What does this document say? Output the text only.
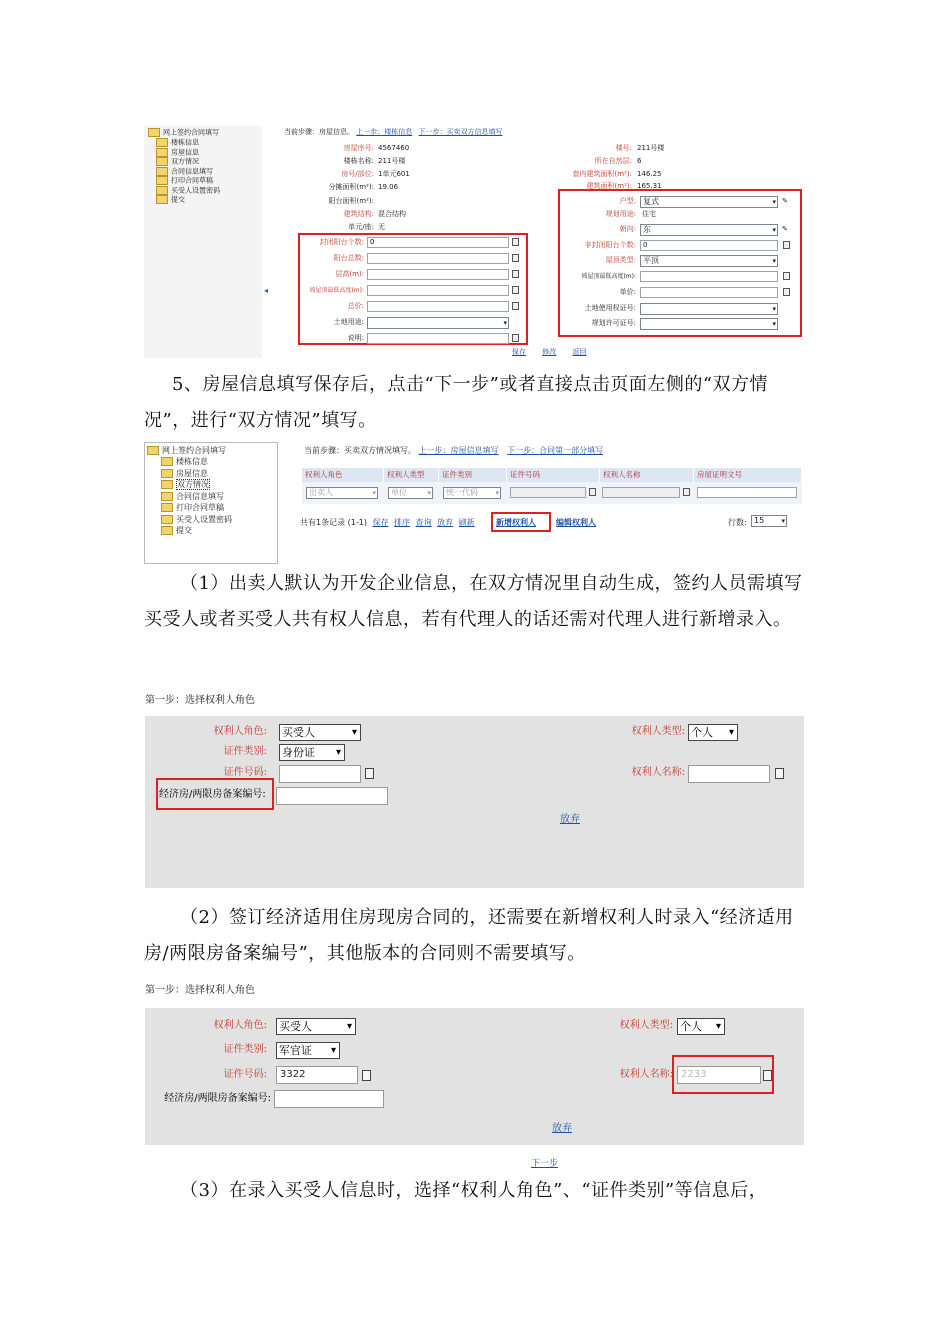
网上签约合同填写
楼栋信息
房屋信息
双方情况
合同信息填写
打印合同草稿
买受人设置密码
提交
◂
当前步骤：房屋信息。 上一步：楼栋信息 下一步：买卖双方信息填写
房屋序号: 4567460
楼栋名称: 211号楼
房号/部位: 1单元601
分摊面积(m²): 19.06
阳台面积(m²):
建筑结构: 混合结构
单元/座: 无
楼号: 211号楼
所在自然层: 6
套内建筑面积(m²): 146.25
建筑面积(m²): 165.31
封闭阳台个数: 0
阳台总数:
层高(m):
坡屋顶最低高度(m):
总价:
土地用途:
▾
说明:
户型: 复式 ▾	✎
规划用途: 住宅
朝向: 东 ▾	✎
非封闭阳台个数:	0
屋顶类型: 平顶 ▾
坡屋顶最低高度(m):
单价:
土地使用权证号:
▾
规划许可证号:
▾
保存 修改 返回
5、房屋信息填写保存后，点击“下一步”或者直接点击页面左侧的“双方情况”，进行“双方情况”填写。
网上签约合同填写
楼栋信息
房屋信息
双方情况
合同信息填写
打印合同草稿
买受人设置密码
提交
当前步骤：买卖双方情况填写。 上一步：房屋信息填写 下一步：合同第一部分填写
权利人角色	权利人类型	证件类别	证件号码	权利人名称	房屋证明文号
出卖人 ▾	单位 ▾	统一代码 ▾
共有1条记录 (1-1) 保存 排序 查询 放弃 刷新	新增权利人	编辑权利人	行数: 15 ▾
（1）出卖人默认为开发企业信息，在双方情况里自动生成，签约人员需填写买受人或者买受人共有权人信息，若有代理人的话还需对代理人进行新增录入。
第一步：选择权利人角色
权利人角色: 买受人 ▾	权利人类型: 个人 ▾
证件类别: 身份证 ▾
证件号码:	权利人名称:
经济房/两限房备案编号:
放弃
（2）签订经济适用住房现房合同的，还需要在新增权利人时录入“经济适用房/两限房备案编号”，其他版本的合同则不需要填写。
第一步：选择权利人角色
权利人角色: 买受人 ▾	权利人类型: 个人 ▾
证件类别: 军官证 ▾
证件号码:	3322	权利人名称: 2233
经济房/两限房备案编号:
放弃
下一步
（3）在录入买受人信息时，选择“权利人角色”、“证件类别”等信息后，
